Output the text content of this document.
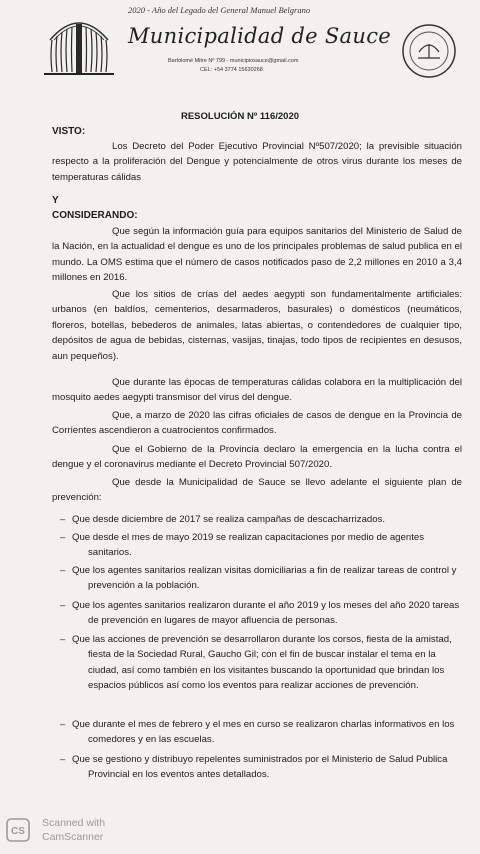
2020 - Año del Legado del General Manuel Belgrano
Municipalidad de Sauce
Bartolomé Mitre Nº 799 - municipiosauce@gmail.com
CEL: +54 3774 15630268
RESOLUCIÓN Nº 116/2020
VISTO:
Los Decreto del Poder Ejecutivo Provincial Nº507/2020; la previsible situación respecto a la proliferación del Dengue y potencialmente de otros virus durante los meses de temperaturas cálidas
Y
CONSIDERANDO:
Que según la información guía para equipos sanitarios del Ministerio de Salud de la Nación, en la actualidad el dengue es uno de los principales problemas de salud publica en el mundo. La OMS estima que el número de casos notificados paso de 2,2 millones en 2010 a 3,4 millones en 2016.
Que los sitios de crías del aedes aegypti son fundamentalmente artificiales: urbanos (en baldíos, cementerios, desarmaderos, basurales) o domésticos (neumáticos, floreros, botellas, bebederos de animales, latas abiertas, o contendedores de cualquier tipo, depósitos de agua de bebidas, cisternas, vasijas, tinajas, todo tipos de recipientes en desusos, aun pequeños).
Que durante las épocas de temperaturas cálidas colabora en la multiplicación del mosquito aedes aegypti transmisor del virus del dengue.
Que, a marzo de 2020 las cifras oficiales de casos de dengue en la Provincia de Corrientes ascendieron a cuatrocientos confirmados.
Que el Gobierno de la Provincia declaro la emergencia en la lucha contra el dengue y el coronavirus mediante el Decreto Provincial 507/2020.
Que desde la Municipalidad de Sauce se llevo adelante el siguiente plan de prevención:
– Que desde diciembre de 2017 se realiza campañas de descacharrizados.
– Que desde el mes de mayo 2019 se realizan capacitaciones por medio de agentes sanitarios.
– Que los agentes sanitarios realizan visitas domiciliarias a fin de realizar tareas de control y prevención a la población.
– Que los agentes sanitarios realizaron durante el año 2019 y los meses del año 2020 tareas de prevención en lugares de mayor afluencia de personas.
– Que las acciones de prevención se desarrollaron durante los corsos, fiesta de la amistad, fiesta de la Sociedad Rural, Gaucho Gil; con el fin de buscar instalar el tema en la ciudad, así como también en los visitantes buscando la oportunidad que brindan los espacios públicos así como los eventos para realizar acciones de prevención.
– Que durante el mes de febrero y el mes en curso se realizaron charlas informativos en los comedores y en las escuelas.
– Que se gestiono y distribuyo repelentes suministrados por el Ministerio de Salud Publica Provincial en los eventos antes detallados.
CS
Scanned with
CamScanner
